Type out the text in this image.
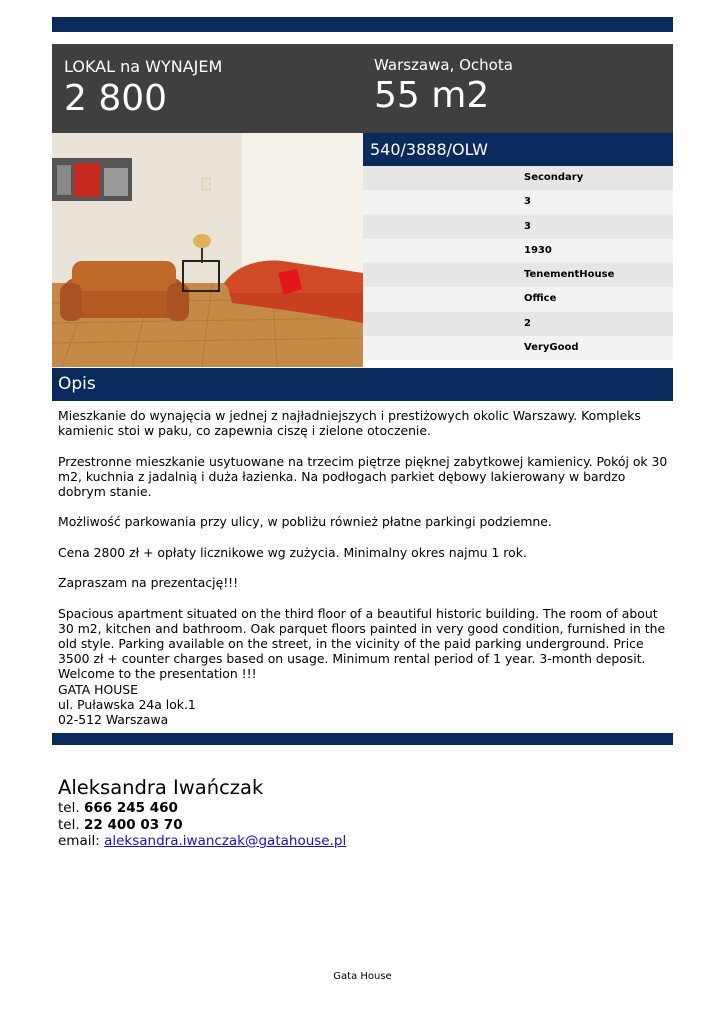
LOKAL na WYNAJEM
2 800
Warszawa, Ochota
55 m2
540/3888/OLW
Secondary
3
3
1930
TenementHouse
Office
2
VeryGood
Opis

Mieszkanie do wynajęcia w jednej z najładniejszych i prestiżowych okolic Warszawy. Kompleks kamienic stoi w paku, co zapewnia ciszę i zielone otoczenie.

Przestronne mieszkanie usytuowane na trzecim piętrze pięknej zabytkowej kamienicy. Pokój ok 30 m2, kuchnia z jadalnią i duża łazienka. Na podłogach parkiet dębowy lakierowany w bardzo dobrym stanie.

Możliwość parkowania przy ulicy, w pobliżu również płatne parkingi podziemne.

Cena 2800 zł + opłaty licznikowe wg zużycia. Minimalny okres najmu 1 rok.

Zapraszam na prezentację!!!

Spacious apartment situated on the third floor of a beautiful historic building. The room of about 30 m2, kitchen and bathroom. Oak parquet floors painted in very good condition, furnished in the old style. Parking available on the street, in the vicinity of the paid parking underground. Price 3500 zł + counter charges based on usage. Minimum rental period of 1 year. 3-month deposit. Welcome to the presentation !!!

GATA HOUSE

ul. Puławska 24a lok.1

02-512 Warszawa

Aleksandra Iwańczak
tel. 666 245 460
tel. 22 400 03 70
email: aleksandra.iwanczak@gatahouse.pl
Gata House
